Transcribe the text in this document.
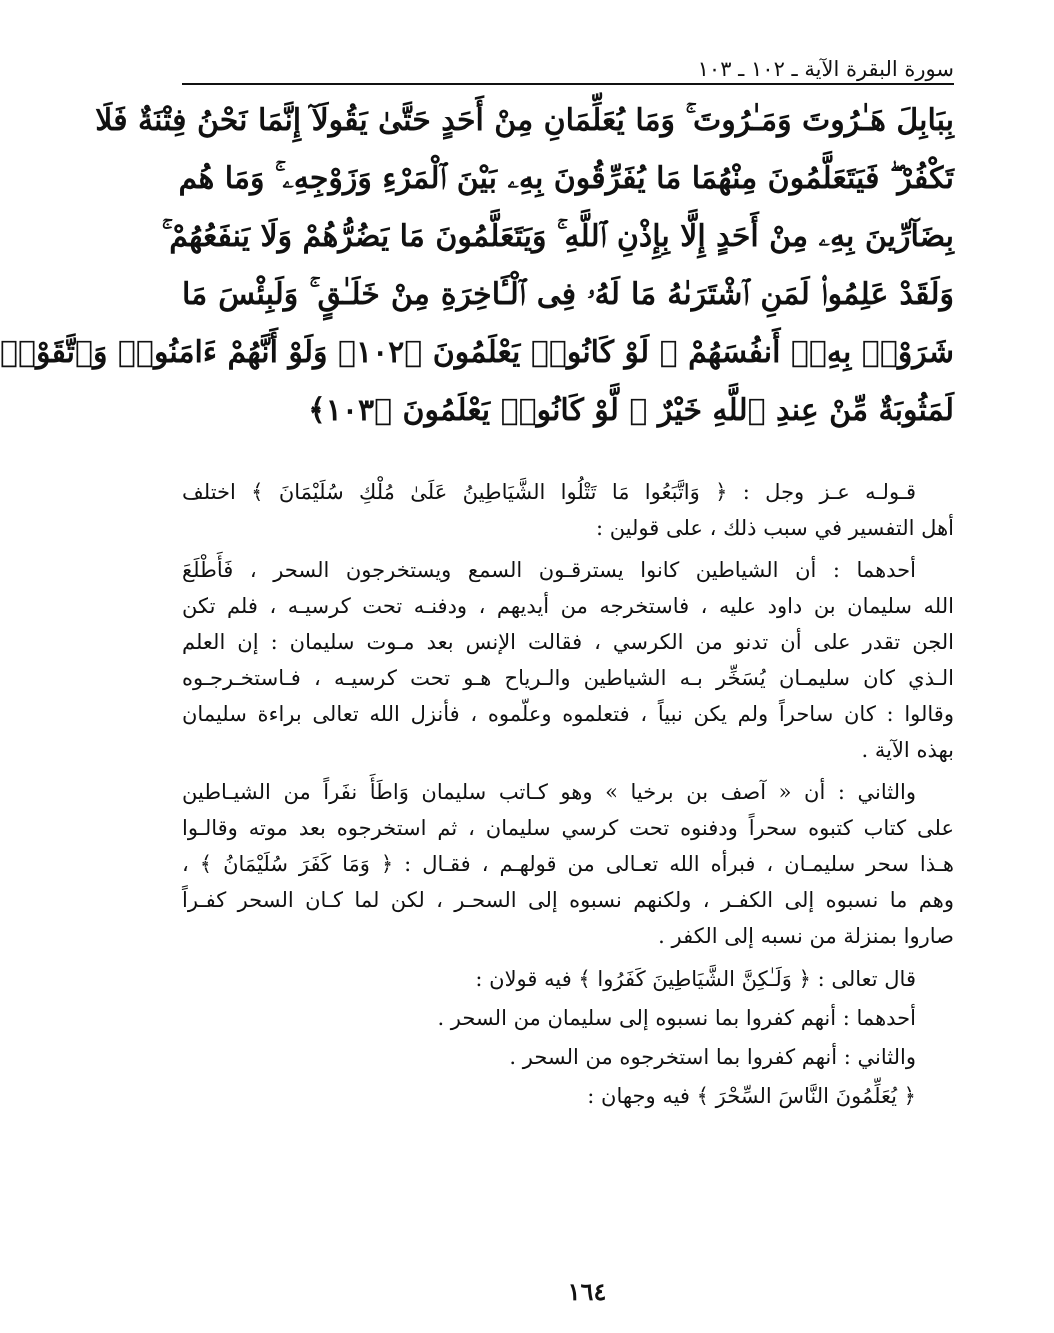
سورة البقرة الآية ـ ١٠٢ ـ ١٠٣
بِبَابِلَ هَـٰرُوتَ وَمَـٰرُوتَ ۚ وَمَا يُعَلِّمَانِ مِنْ أَحَدٍ حَتَّىٰ يَقُولَآ إِنَّمَا نَحْنُ فِتْنَةٌ فَلَا
تَكْفُرْ ۖ فَيَتَعَلَّمُونَ مِنْهُمَا مَا يُفَرِّقُونَ بِهِۦ بَيْنَ ٱلْمَرْءِ وَزَوْجِهِۦ ۚ وَمَا هُم
بِضَآرِّينَ بِهِۦ مِنْ أَحَدٍ إِلَّا بِإِذْنِ ٱللَّهِ ۚ وَيَتَعَلَّمُونَ مَا يَضُرُّهُمْ وَلَا يَنفَعُهُمْ ۚ
وَلَقَدْ عَلِمُوا۟ لَمَنِ ٱشْتَرَىٰهُ مَا لَهُۥ فِى ٱلْـَٔاخِرَةِ مِنْ خَلَـٰقٍ ۚ وَلَبِئْسَ مَا
شَرَوْا۟ بِهِۦٓ أَنفُسَهُمْ ۚ لَوْ كَانُوا۟ يَعْلَمُونَ ﴿١٠٢﴾ وَلَوْ أَنَّهُمْ ءَامَنُوا۟ وَٱتَّقَوْا۟
لَمَثُوبَةٌ مِّنْ عِندِ ٱللَّهِ خَيْرٌ ۖ لَّوْ كَانُوا۟ يَعْلَمُونَ ﴿١٠٣﴾
قـولـه عـز وجل : ﴿ وَاتَّبَعُوا مَا تَتْلُوا الشَّيَاطِينُ عَلَىٰ مُلْكِ سُلَيْمَانَ ﴾ اختلف
أهل التفسير في سبب ذلك ، على قولين :
أحدهما : أن الشياطين كانوا يسترقـون السمع ويستخرجون السحر ، فَأَطْلَعَ
الله سليمان بن داود عليه ، فاستخرجه من أيديهم ، ودفنـه تحت كرسيـه ، فلم تكن
الجن تقدر على أن تدنو من الكرسي ، فقالت الإنس بعد مـوت سليمان : إن العلم
الـذي كان سليمـان يُسَخِّر بـه الشياطين والـرياح هـو تحت كرسيـه ، فـاستخـرجـوه
وقالوا : كان ساحراً ولم يكن نبياً ، فتعلموه وعلّموه ، فأنزل الله تعالى براءة سليمان
بهذه الآية .
والثاني : أن « آصف بن برخيا » وهو كـاتب سليمان وَاطَأَ نفَراً من الشيـاطين
على كتاب كتبوه سحراً ودفنوه تحت كرسي سليمان ، ثم استخرجوه بعد موته وقالـوا
هـذا سحر سليمـان ، فبرأه الله تعـالى من قولهـم ، فقـال : ﴿ وَمَا كَفَرَ سُلَيْمَانُ ﴾ ،
وهم ما نسبوه إلى الكفـر ، ولكنهم نسبوه إلى السحـر ، لكن لما كـان السحر كفـراً
صاروا بمنزلة من نسبه إلى الكفر .
قال تعالى : ﴿ وَلَـٰكِنَّ الشَّيَاطِينَ كَفَرُوا ﴾ فيه قولان :
أحدهما : أنهم كفروا بما نسبوه إلى سليمان من السحر .
والثاني : أنهم كفروا بما استخرجوه من السحر .
﴿ يُعَلِّمُونَ النَّاسَ السِّحْرَ ﴾ فيه وجهان :
١٦٤
